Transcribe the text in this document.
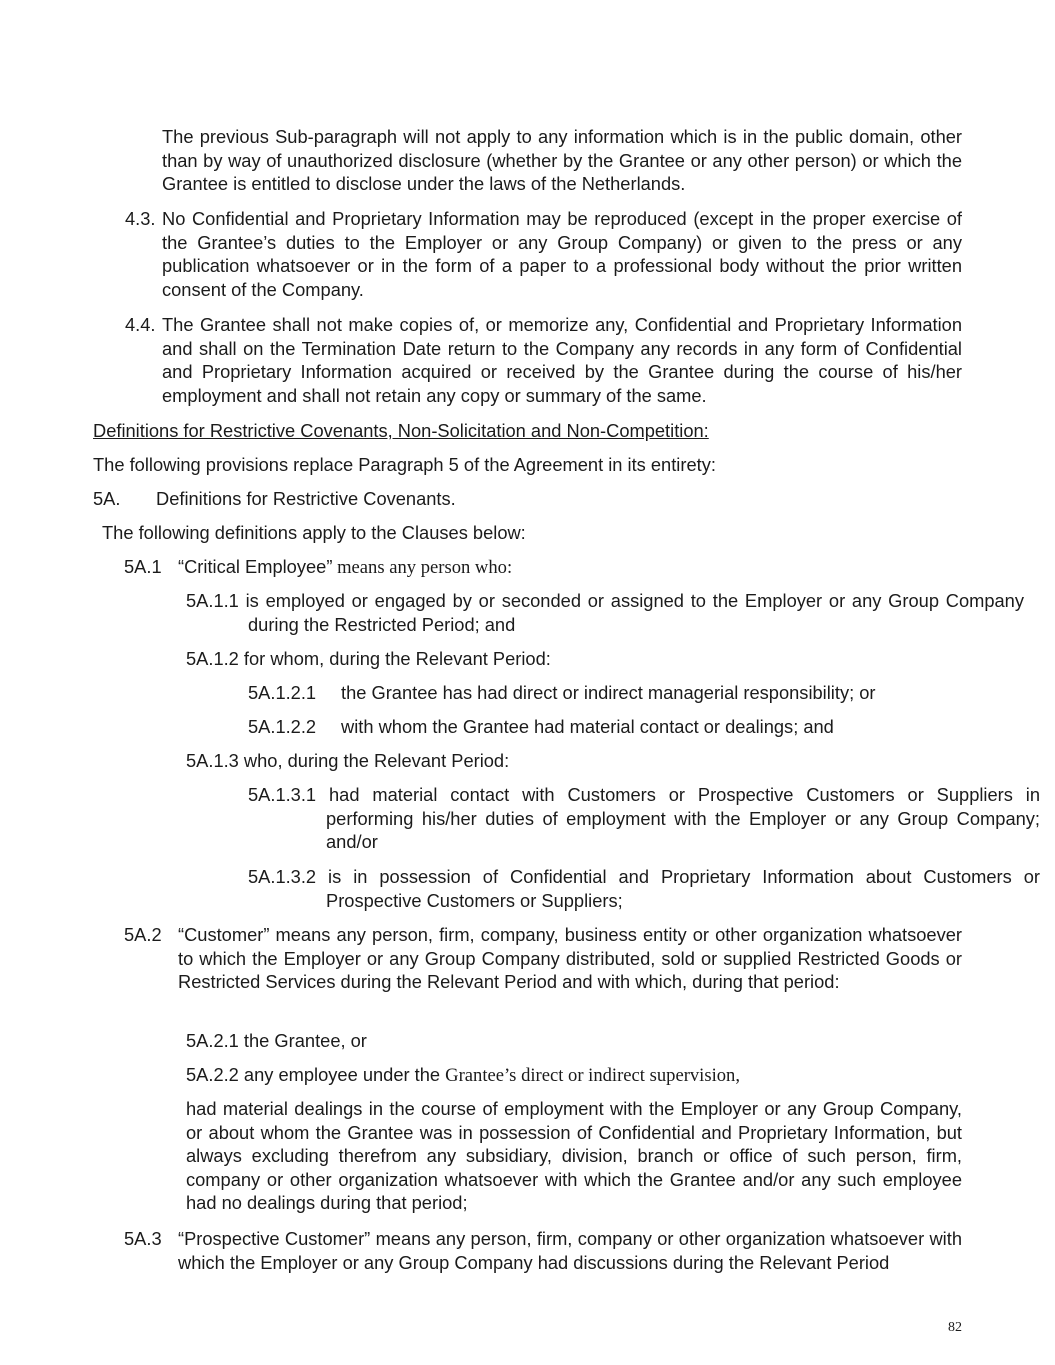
The previous Sub-paragraph will not apply to any information which is in the public domain, other than by way of unauthorized disclosure (whether by the Grantee or any other person) or which the Grantee is entitled to disclose under the laws of the Netherlands.

4.3. No Confidential and Proprietary Information may be reproduced (except in the proper exercise of the Grantee’s duties to the Employer or any Group Company) or given to the press or any publication whatsoever or in the form of a paper to a professional body without the prior written consent of the Company.

4.4. The Grantee shall not make copies of, or memorize any, Confidential and Proprietary Information and shall on the Termination Date return to the Company any records in any form of Confidential and Proprietary Information acquired or received by the Grantee during the course of his/her employment and shall not retain any copy or summary of the same.

Definitions for Restrictive Covenants, Non-Solicitation and Non-Competition:

The following provisions replace Paragraph 5 of the Agreement in its entirety:

5A. Definitions for Restrictive Covenants.

The following definitions apply to the Clauses below:

5A.1 “Critical Employee” means any person who:

5A.1.1 is employed or engaged by or seconded or assigned to the Employer or any Group Company during the Restricted Period; and

5A.1.2 for whom, during the Relevant Period:

5A.1.2.1 the Grantee has had direct or indirect managerial responsibility; or

5A.1.2.2 with whom the Grantee had material contact or dealings; and

5A.1.3 who, during the Relevant Period:

5A.1.3.1 had material contact with Customers or Prospective Customers or Suppliers in performing his/her duties of employment with the Employer or any Group Company; and/or

5A.1.3.2 is in possession of Confidential and Proprietary Information about Customers or Prospective Customers or Suppliers;

5A.2 “Customer” means any person, firm, company, business entity or other organization whatsoever to which the Employer or any Group Company distributed, sold or supplied Restricted Goods or Restricted Services during the Relevant Period and with which, during that period:

5A.2.1 the Grantee, or

5A.2.2 any employee under the Grantee’s direct or indirect supervision,

had material dealings in the course of employment with the Employer or any Group Company, or about whom the Grantee was in possession of Confidential and Proprietary Information, but always excluding therefrom any subsidiary, division, branch or office of such person, firm, company or other organization whatsoever with which the Grantee and/or any such employee had no dealings during that period;

5A.3 “Prospective Customer” means any person, firm, company or other organization whatsoever with which the Employer or any Group Company had discussions during the Relevant Period

82
